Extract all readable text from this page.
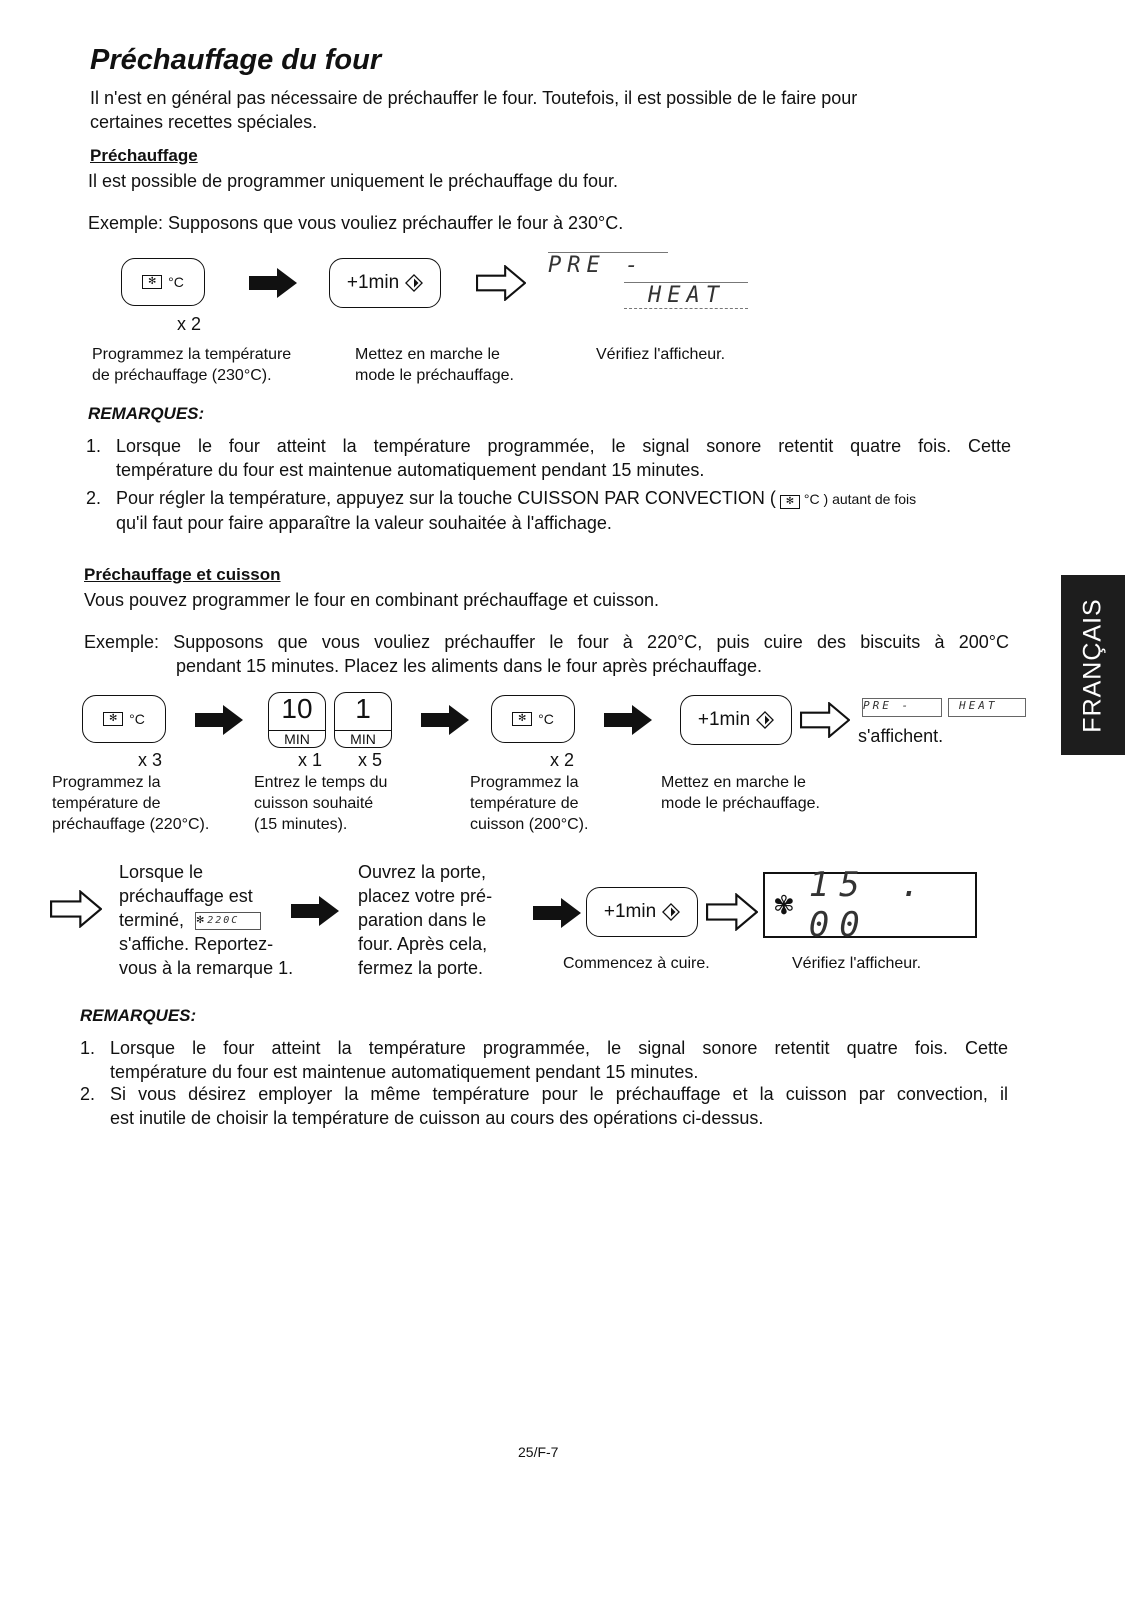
Préchauffage du four
Il n'est en général pas nécessaire de préchauffer le four. Toutefois, il est possible de le faire pour
certaines recettes spéciales.
Préchauffage
Il est possible de programmer uniquement le préchauffage du four.
Exemple: Supposons que vous vouliez préchauffer le four à 230°C.
✻ °C
x 2
+1min
PRE -
HEAT
Programmez la température
de préchauffage (230°C).
Mettez en marche le
mode le préchauffage.
Vérifiez l'afficheur.
REMARQUES:
1. Lorsque le four atteint la température programmée, le signal sonore retentit quatre fois. Cette
température du four est maintenue automatiquement pendant 15 minutes.
2. Pour régler la température, appuyez sur la touche CUISSON PAR CONVECTION ( ✻ °C ) autant de fois
qu'il faut pour faire apparaître la valeur souhaitée à l'affichage.
Préchauffage et cuisson
Vous pouvez programmer le four en combinant préchauffage et cuisson.
Exemple: Supposons que vous vouliez préchauffer le four à 220°C, puis cuire des biscuits à 200°C
pendant 15 minutes. Placez les aliments dans le four après préchauffage.
✻ °C
x 3
10
MIN
1
MIN
x 1 x 5
✻ °C
x 2
+1min
PRE -	HEAT
s'affichent.
Programmez la
température de
préchauffage (220°C).
Entrez le temps du
cuisson souhaité
(15 minutes).
Programmez la
température de
cuisson (200°C).
Mettez en marche le
mode le préchauffage.
Lorsque le
préchauffage est
terminé, ✻ 220C
s'affiche. Reportez-
vous à la remarque 1.
Ouvrez la porte,
placez votre pré-
paration dans le
four. Après cela,
fermez la porte.
+1min	✾ 15 . 00
Commencez à cuire.	Vérifiez l'afficheur.
REMARQUES:
1. Lorsque le four atteint la température programmée, le signal sonore retentit quatre fois. Cette
température du four est maintenue automatiquement pendant 15 minutes.
2. Si vous désirez employer la même température pour le préchauffage et la cuisson par convection, il
est inutile de choisir la température de cuisson au cours des opérations ci-dessus.
FRANÇAIS
25/F-7
